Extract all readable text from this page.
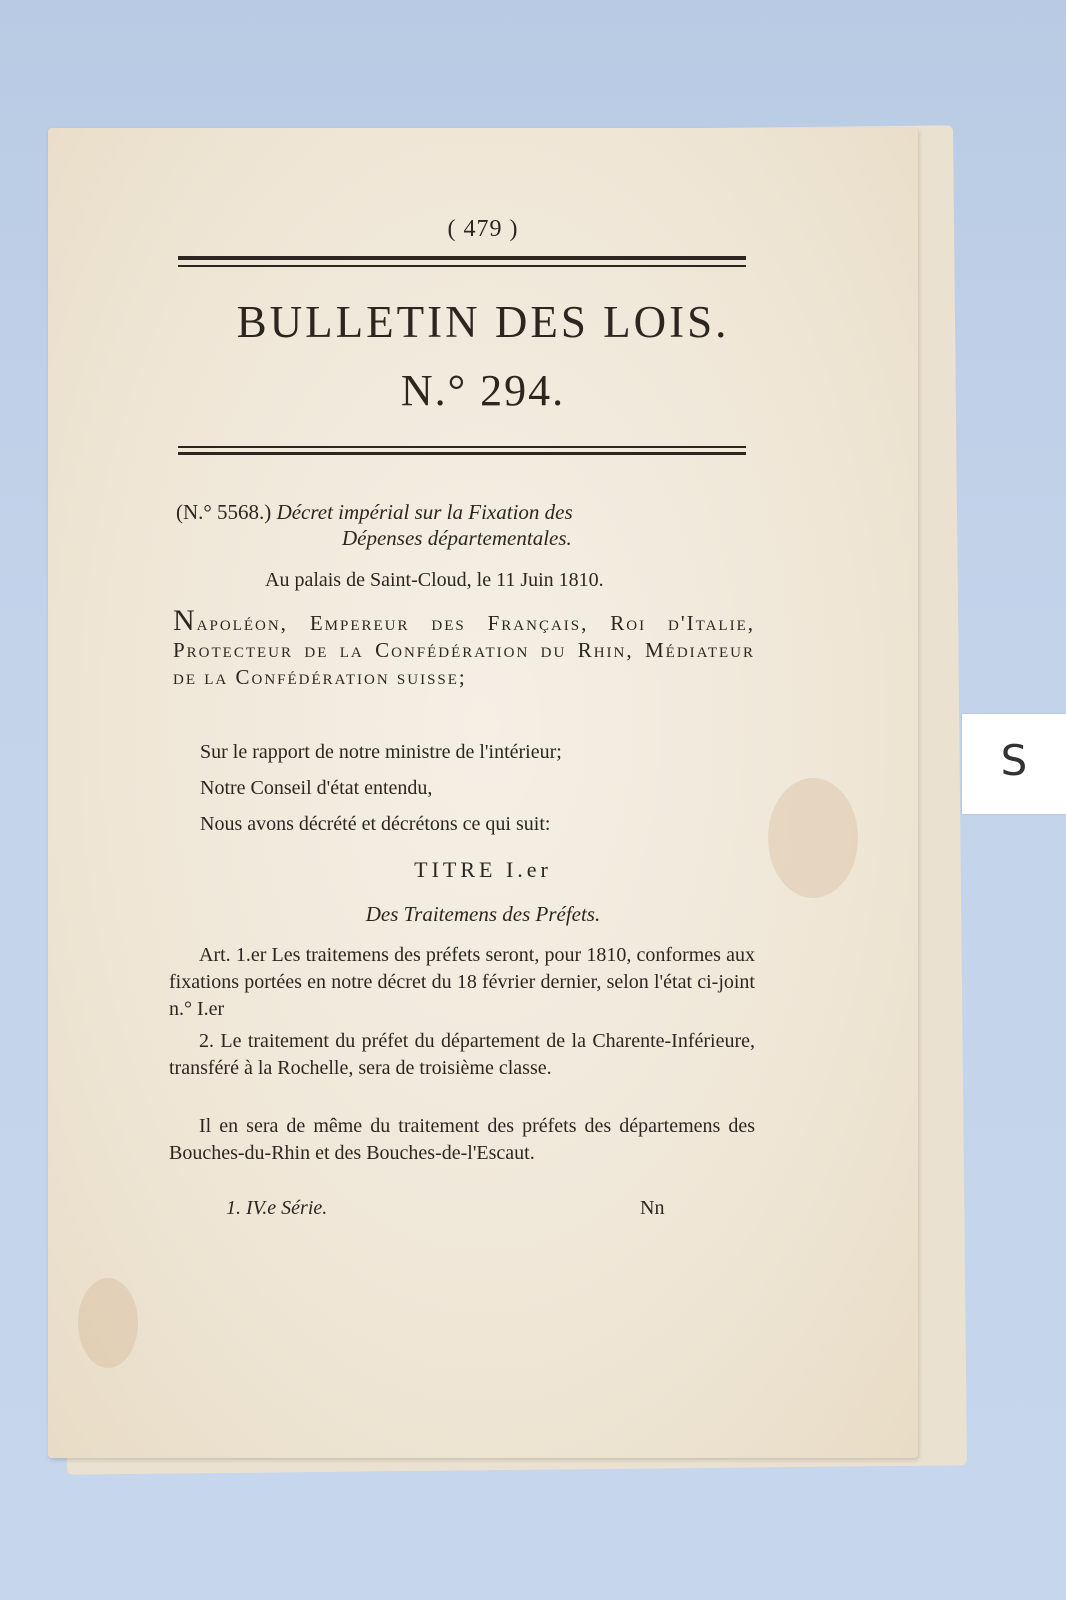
( 479 )
BULLETIN DES LOIS.
N.° 294.
(N.° 5568.) Décret impérial sur la Fixation des
Dépenses départementales.
Au palais de Saint-Cloud, le 11 Juin 1810.
Napoléon, Empereur des Français, Roi d'Italie, Protecteur de la Confédération du Rhin, Médiateur de la Confédération suisse;
Sur le rapport de notre ministre de l'intérieur;
Notre Conseil d'état entendu,
Nous avons décrété et décrétons ce qui suit:
TITRE I.er
Des Traitemens des Préfets.
Art. 1.er Les traitemens des préfets seront, pour 1810, conformes aux fixations portées en notre décret du 18 février dernier, selon l'état ci-joint n.° I.er
2. Le traitement du préfet du département de la Charente-Inférieure, transféré à la Rochelle, sera de troisième classe.
Il en sera de même du traitement des préfets des départemens des Bouches-du-Rhin et des Bouches-de-l'Escaut.
1. IV.e Série.	Nn
S
